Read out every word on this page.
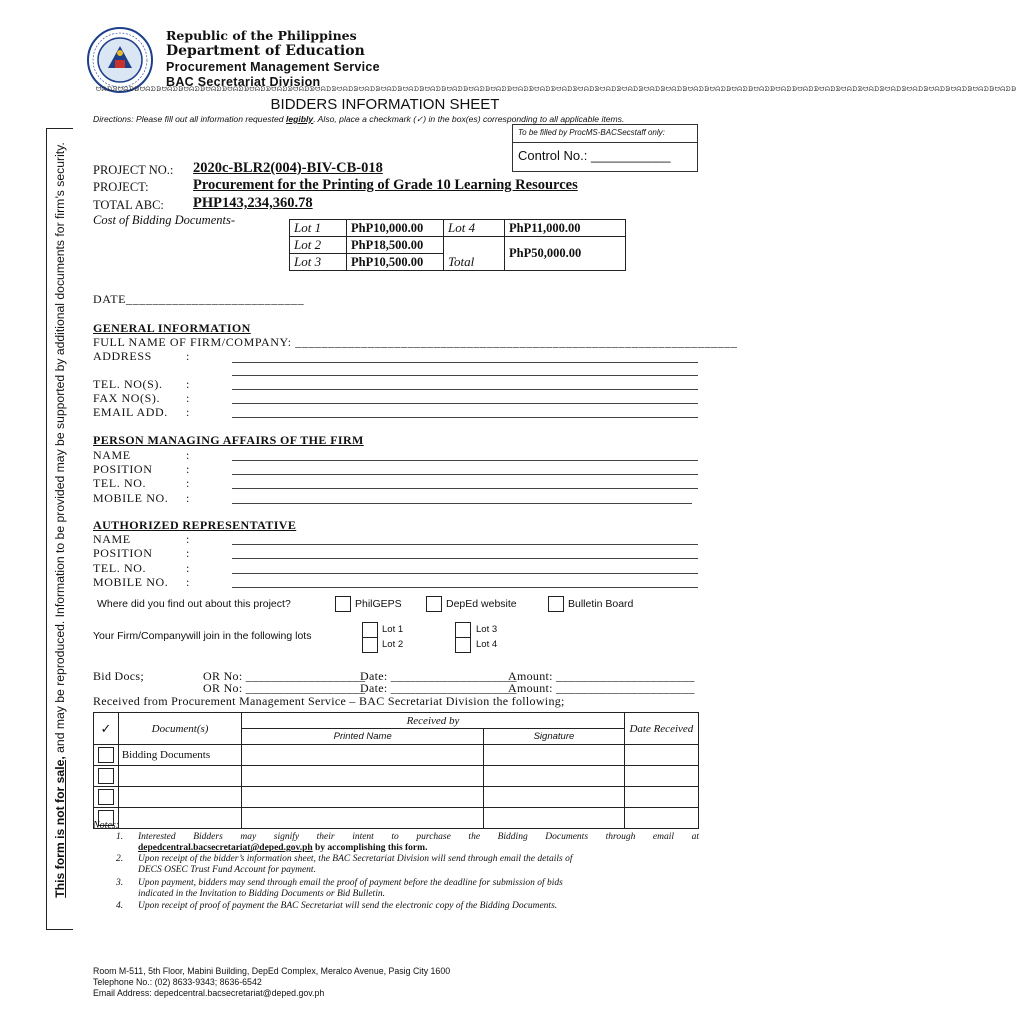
This form is not for sale, and may be reproduced. Information to be provided may be supported by additional documents for firm’s security.
Republic of the Philippines
Department of Education
Procurement Management Service
BAC Secretariat Division
ᗢᗣᗤᗥᗢᗣᗤᗥᗢᗣᗤᗥᗢᗣᗤᗥᗢᗣᗤᗥᗢᗣᗤᗥᗢᗣᗤᗥᗢᗣᗤᗥᗢᗣᗤᗥᗢᗣᗤᗥᗢᗣᗤᗥᗢᗣᗤᗥᗢᗣᗤᗥᗢᗣᗤᗥᗢᗣᗤᗥᗢᗣᗤᗥᗢᗣᗤᗥᗢᗣᗤᗥᗢᗣᗤᗥᗢᗣᗤᗥᗢᗣᗤᗥᗢᗣᗤᗥᗢᗣᗤᗥᗢᗣᗤᗥᗢᗣᗤᗥᗢᗣᗤᗥᗢᗣᗤᗥᗢᗣᗤᗥᗢᗣᗤᗥᗢᗣᗤᗥᗢᗣᗤᗥᗢᗣᗤᗥᗢᗣᗤᗥᗢᗣᗤᗥᗢᗣᗤᗥᗢᗣᗤᗥᗢᗣᗤᗥᗢᗣᗤᗥᗢᗣᗤᗥᗢᗣᗤᗥᗢᗣᗤᗥᗢᗣᗤᗥ
BIDDERS INFORMATION SHEET
Directions: Please fill out all information requested legibly. Also, place a checkmark (✓) in the box(es) corresponding to all applicable items.
To be filled by ProcMS-BACSecstaff only:
Control No.: ___________
PROJECT NO.: 2020c-BLR2(004)-BIV-CB-018
PROJECT:	Procurement for the Printing of Grade 10 Learning Resources
TOTAL ABC: PHP143,234,360.78
Cost of Bidding Documents-	Lot 1	PhP10,000.00	Lot 4	PhP11,000.00
Lot 2	PhP18,500.00	Total	PhP50,000.00
Lot 3	PhP10,500.00		
DATE___________________________
GENERAL INFORMATION
FULL NAME OF FIRM/COMPANY: ___________________________________________________________________
ADDRESS	:
TEL. NO(S). :
FAX NO(S). :
EMAIL ADD. :
PERSON MANAGING AFFAIRS OF THE FIRM
NAME	:
POSITION	:
TEL. NO.	:
MOBILE NO. :
AUTHORIZED REPRESENTATIVE
NAME	:
POSITION	:
TEL. NO.	:
MOBILE NO. :
Where did you find out about this project?	PhilGEPS	DepEd website	Bulletin Board
Your Firm/Companywill join in the following lots
Lot 1
Lot 2
Lot 3
Lot 4
Bid Docs;	OR No: ___________________
Date: ____________________
Amount: ______________________
OR No: ___________________
Date: ____________________
Amount: ______________________
Received from Procurement Management Service – BAC Secretariat Division the following;
✓	Document(s)	Received by		Date Received
		Printed Name	Signature	

	Bidding Documents			

Notes:
1. Interested Bidders may signify their intent to purchase the Bidding Documents through email at
depedcentral.bacsecretariat@deped.gov.ph by accomplishing this form.
2. Upon receipt of the bidder’s information sheet, the BAC Secretariat Division will send through email the details of
DECS OSEC Trust Fund Account for payment.
3. Upon payment, bidders may send through email the proof of payment before the deadline for submission of bids
indicated in the Invitation to Bidding Documents or Bid Bulletin.
4. Upon receipt of proof of payment the BAC Secretariat will send the electronic copy of the Bidding Documents.
Room M-511, 5th Floor, Mabini Building, DepEd Complex, Meralco Avenue, Pasig City 1600
Telephone No.: (02) 8633-9343; 8636-6542
Email Address: depedcentral.bacsecretariat@deped.gov.ph
